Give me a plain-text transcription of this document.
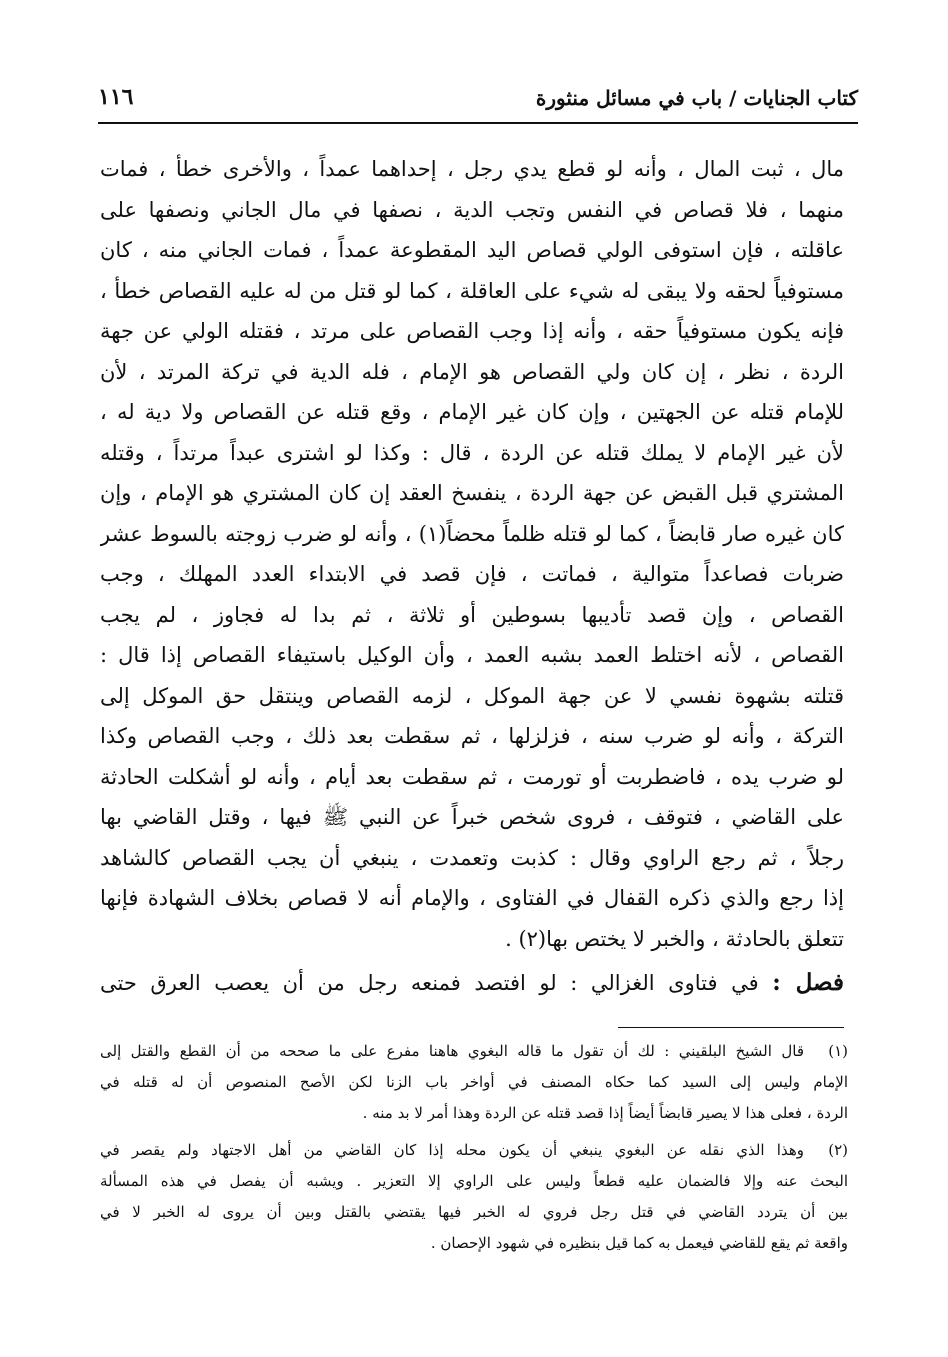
كتاب الجنايات / باب في مسائل منثورة
١١٦
مال ، ثبت المال ، وأنه لو قطع يدي رجل ، إحداهما عمداً ، والأخرى خطأ ، فمات
منهما ، فلا قصاص في النفس وتجب الدية ، نصفها في مال الجاني ونصفها على
عاقلته ، فإن استوفى الولي قصاص اليد المقطوعة عمداً ، فمات الجاني منه ، كان
مستوفياً لحقه ولا يبقى له شيء على العاقلة ، كما لو قتل من له عليه القصاص خطأ ،
فإنه يكون مستوفياً حقه ، وأنه إذا وجب القصاص على مرتد ، فقتله الولي عن جهة
الردة ، نظر ، إن كان ولي القصاص هو الإمام ، فله الدية في تركة المرتد ، لأن
للإمام قتله عن الجهتين ، وإن كان غير الإمام ، وقع قتله عن القصاص ولا دية له ،
لأن غير الإمام لا يملك قتله عن الردة ، قال : وكذا لو اشترى عبداً مرتداً ، وقتله
المشتري قبل القبض عن جهة الردة ، ينفسخ العقد إن كان المشتري هو الإمام ، وإن
كان غيره صار قابضاً ، كما لو قتله ظلماً محضاً(١) ، وأنه لو ضرب زوجته بالسوط عشر
ضربات فصاعداً متوالية ، فماتت ، فإن قصد في الابتداء العدد المهلك ، وجب
القصاص ، وإن قصد تأديبها بسوطين أو ثلاثة ، ثم بدا له فجاوز ، لم يجب
القصاص ، لأنه اختلط العمد بشبه العمد ، وأن الوكيل باستيفاء القصاص إذا قال :
قتلته بشهوة نفسي لا عن جهة الموكل ، لزمه القصاص وينتقل حق الموكل إلى
التركة ، وأنه لو ضرب سنه ، فزلزلها ، ثم سقطت بعد ذلك ، وجب القصاص وكذا
لو ضرب يده ، فاضطربت أو تورمت ، ثم سقطت بعد أيام ، وأنه لو أشكلت الحادثة
على القاضي ، فتوقف ، فروى شخص خبراً عن النبي ﷺ فيها ، وقتل القاضي بها
رجلاً ، ثم رجع الراوي وقال : كذبت وتعمدت ، ينبغي أن يجب القصاص كالشاهد
إذا رجع والذي ذكره القفال في الفتاوى ، والإمام أنه لا قصاص بخلاف الشهادة فإنها
تتعلق بالحادثة ، والخبر لا يختص بها(٢) .
فصل : في فتاوى الغزالي : لو افتصد فمنعه رجل من أن يعصب العرق حتى
(١)
قال الشيخ البلقيني : لك أن تقول ما قاله البغوي هاهنا مفرع على ما صححه من أن القطع والقتل إلى
الإمام وليس إلى السيد كما حكاه المصنف في أواخر باب الزنا لكن الأصح المنصوص أن له قتله في
الردة ، فعلى هذا لا يصير قابضاً أيضاً إذا قصد قتله عن الردة وهذا أمر لا بد منه .
(٢)
وهذا الذي نقله عن البغوي ينبغي أن يكون محله إذا كان القاضي من أهل الاجتهاد ولم يقصر في
البحث عنه وإلا فالضمان عليه قطعاً وليس على الراوي إلا التعزير . ويشبه أن يفصل في هذه المسألة
بين أن يتردد القاضي في قتل رجل فروي له الخبر فيها يقتضي بالقتل وبين أن يروى له الخبر لا في
واقعة ثم يقع للقاضي فيعمل به كما قيل بنظيره في شهود الإحصان .
